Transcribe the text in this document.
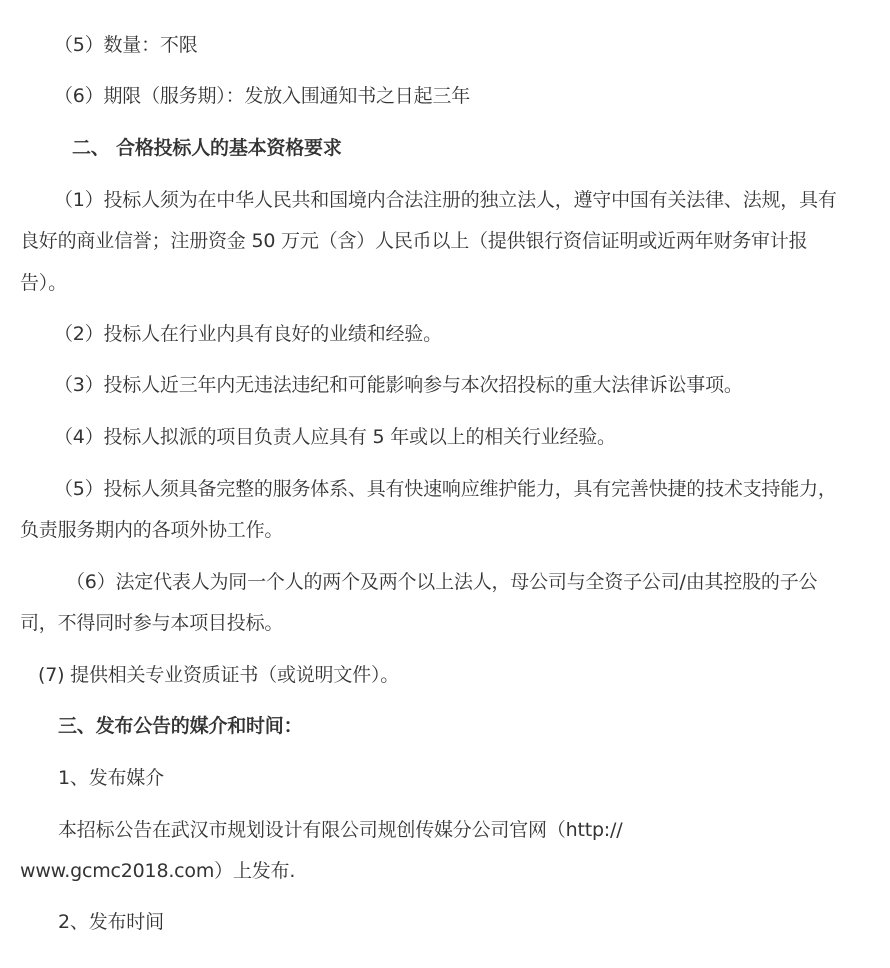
（5）数量：不限
（6）期限（服务期）：发放入围通知书之日起三年
二、 合格投标人的基本资格要求
（1）投标人须为在中华人民共和国境内合法注册的独立法人，遵守中国有关法律、法规，具有
良好的商业信誉；注册资金 50 万元（含）人民币以上（提供银行资信证明或近两年财务审计报
告）。
（2）投标人在行业内具有良好的业绩和经验。
（3）投标人近三年内无违法违纪和可能影响参与本次招投标的重大法律诉讼事项。
（4）投标人拟派的项目负责人应具有 5 年或以上的相关行业经验。
（5）投标人须具备完整的服务体系、具有快速响应维护能力，具有完善快捷的技术支持能力，
负责服务期内的各项外协工作。
（6）法定代表人为同一个人的两个及两个以上法人，母公司与全资子公司/由其控股的子公
司，不得同时参与本项目投标。
(7) 提供相关专业资质证书（或说明文件）。
三、发布公告的媒介和时间：
1、发布媒介
本招标公告在武汉市规划设计有限公司规创传媒分公司官网（http://
www.gcmc2018.com）上发布.
2、发布时间
